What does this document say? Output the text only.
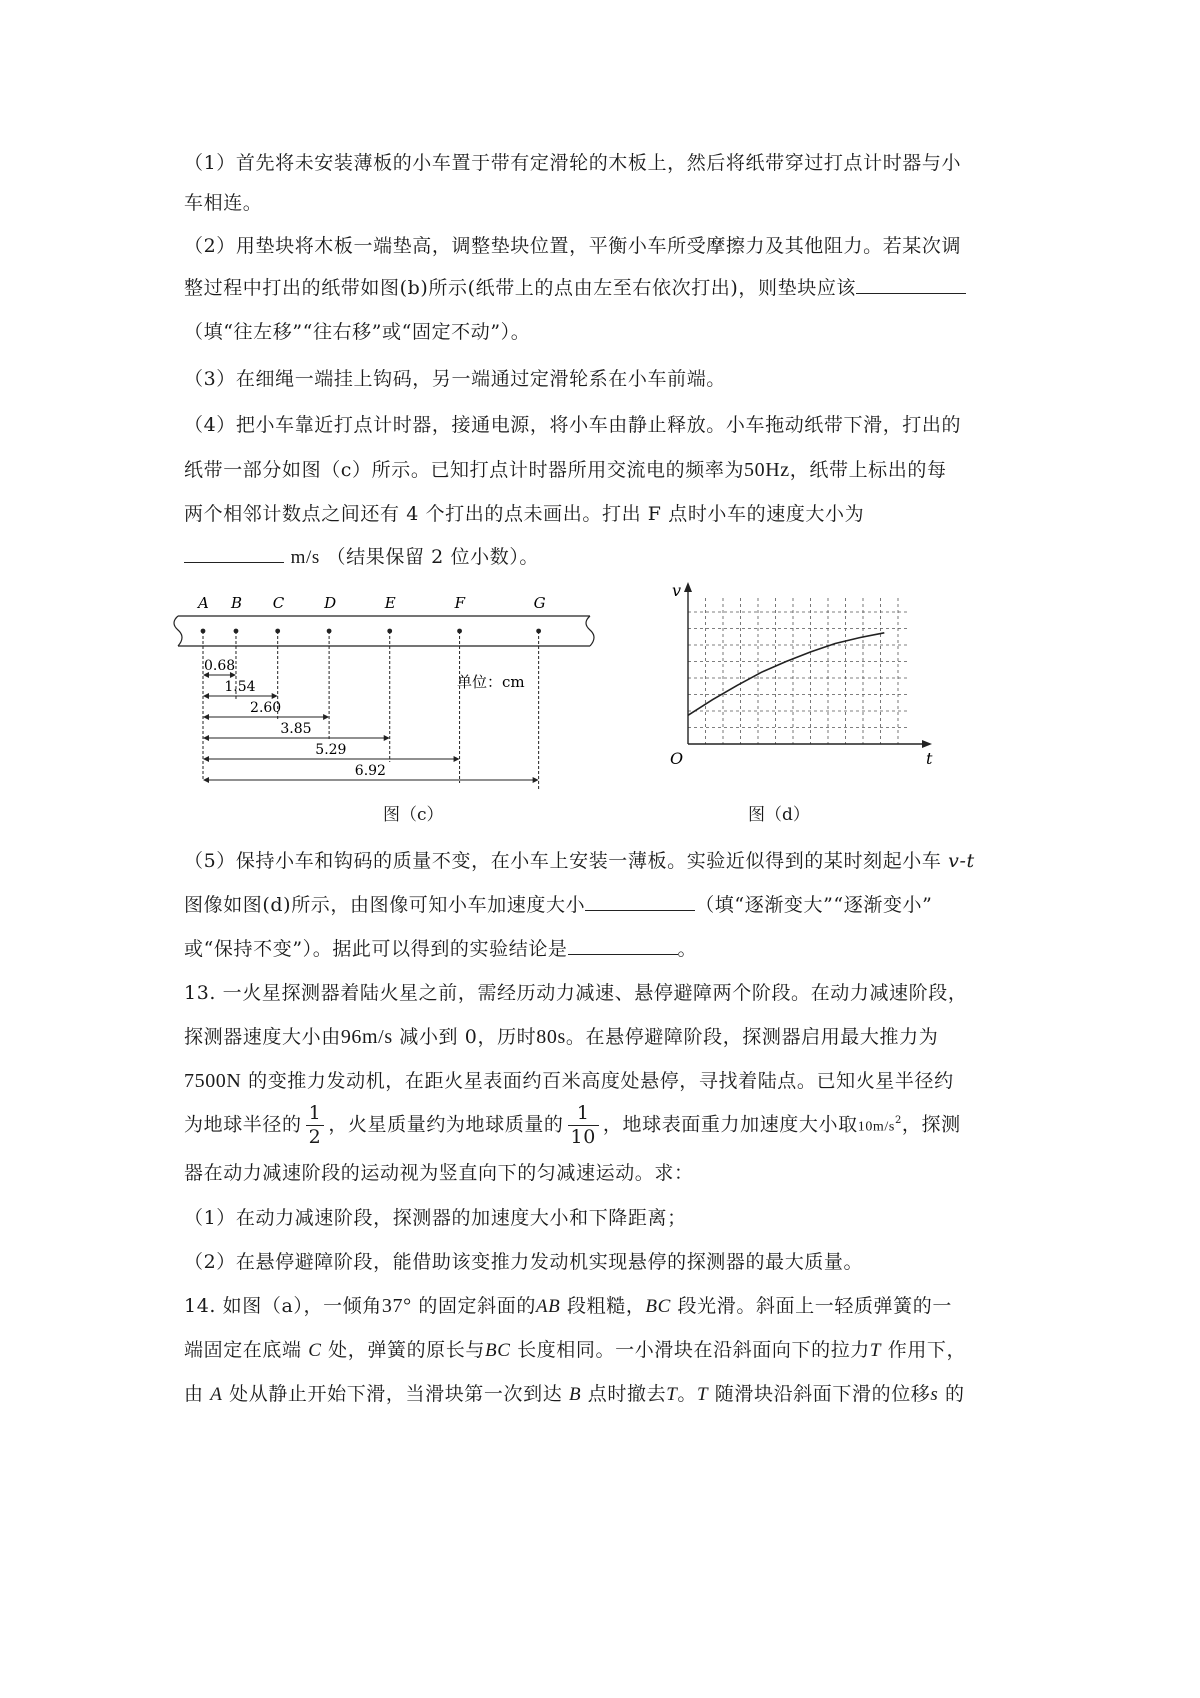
（1）首先将未安装薄板的小车置于带有定滑轮的木板上，然后将纸带穿过打点计时器与小
车相连。
（2）用垫块将木板一端垫高，调整垫块位置，平衡小车所受摩擦力及其他阻力。若某次调
整过程中打出的纸带如图(b)所示(纸带上的点由左至右依次打出)，则垫块应该
（填“往左移”“往右移”或“固定不动”）。
（3）在细绳一端挂上钩码，另一端通过定滑轮系在小车前端。
（4）把小车靠近打点计时器，接通电源，将小车由静止释放。小车拖动纸带下滑，打出的
纸带一部分如图（c）所示。已知打点计时器所用交流电的频率为50Hz，纸带上标出的每
两个相邻计数点之间还有 4 个打出的点未画出。打出 F 点时小车的速度大小为
m/s （结果保留 2 位小数）。
A B C	D	E	F	G
0.68
1.54
2.60
3.85
5.29
6.92
单位：cm
图（c）
v
t
O
图（d）
（5）保持小车和钩码的质量不变，在小车上安装一薄板。实验近似得到的某时刻起小车 v-t
图像如图(d)所示，由图像可知小车加速度大小	（填“逐渐变大”“逐渐变小”
或“保持不变”）。据此可以得到的实验结论是	。
13. 一火星探测器着陆火星之前，需经历动力减速、悬停避障两个阶段。在动力减速阶段，
探测器速度大小由96m/s 减小到 0，历时80s。在悬停避障阶段，探测器启用最大推力为
7500N 的变推力发动机，在距火星表面约百米高度处悬停，寻找着陆点。已知火星半径约
为地球半径的 $\frac{1}{2}$ ，火星质量约为地球质量的 $\frac{1}{10}$ ，地球表面重力加速度大小取$10m/s^2$，探测
器在动力减速阶段的运动视为竖直向下的匀减速运动。求：
（1）在动力减速阶段，探测器的加速度大小和下降距离；
（2）在悬停避障阶段，能借助该变推力发动机实现悬停的探测器的最大质量。
14. 如图（a），一倾角37° 的固定斜面的AB 段粗糙，BC 段光滑。斜面上一轻质弹簧的一
端固定在底端 C 处，弹簧的原长与BC 长度相同。一小滑块在沿斜面向下的拉力T 作用下，
由 A 处从静止开始下滑，当滑块第一次到达 B 点时撤去T。T 随滑块沿斜面下滑的位移s 的
